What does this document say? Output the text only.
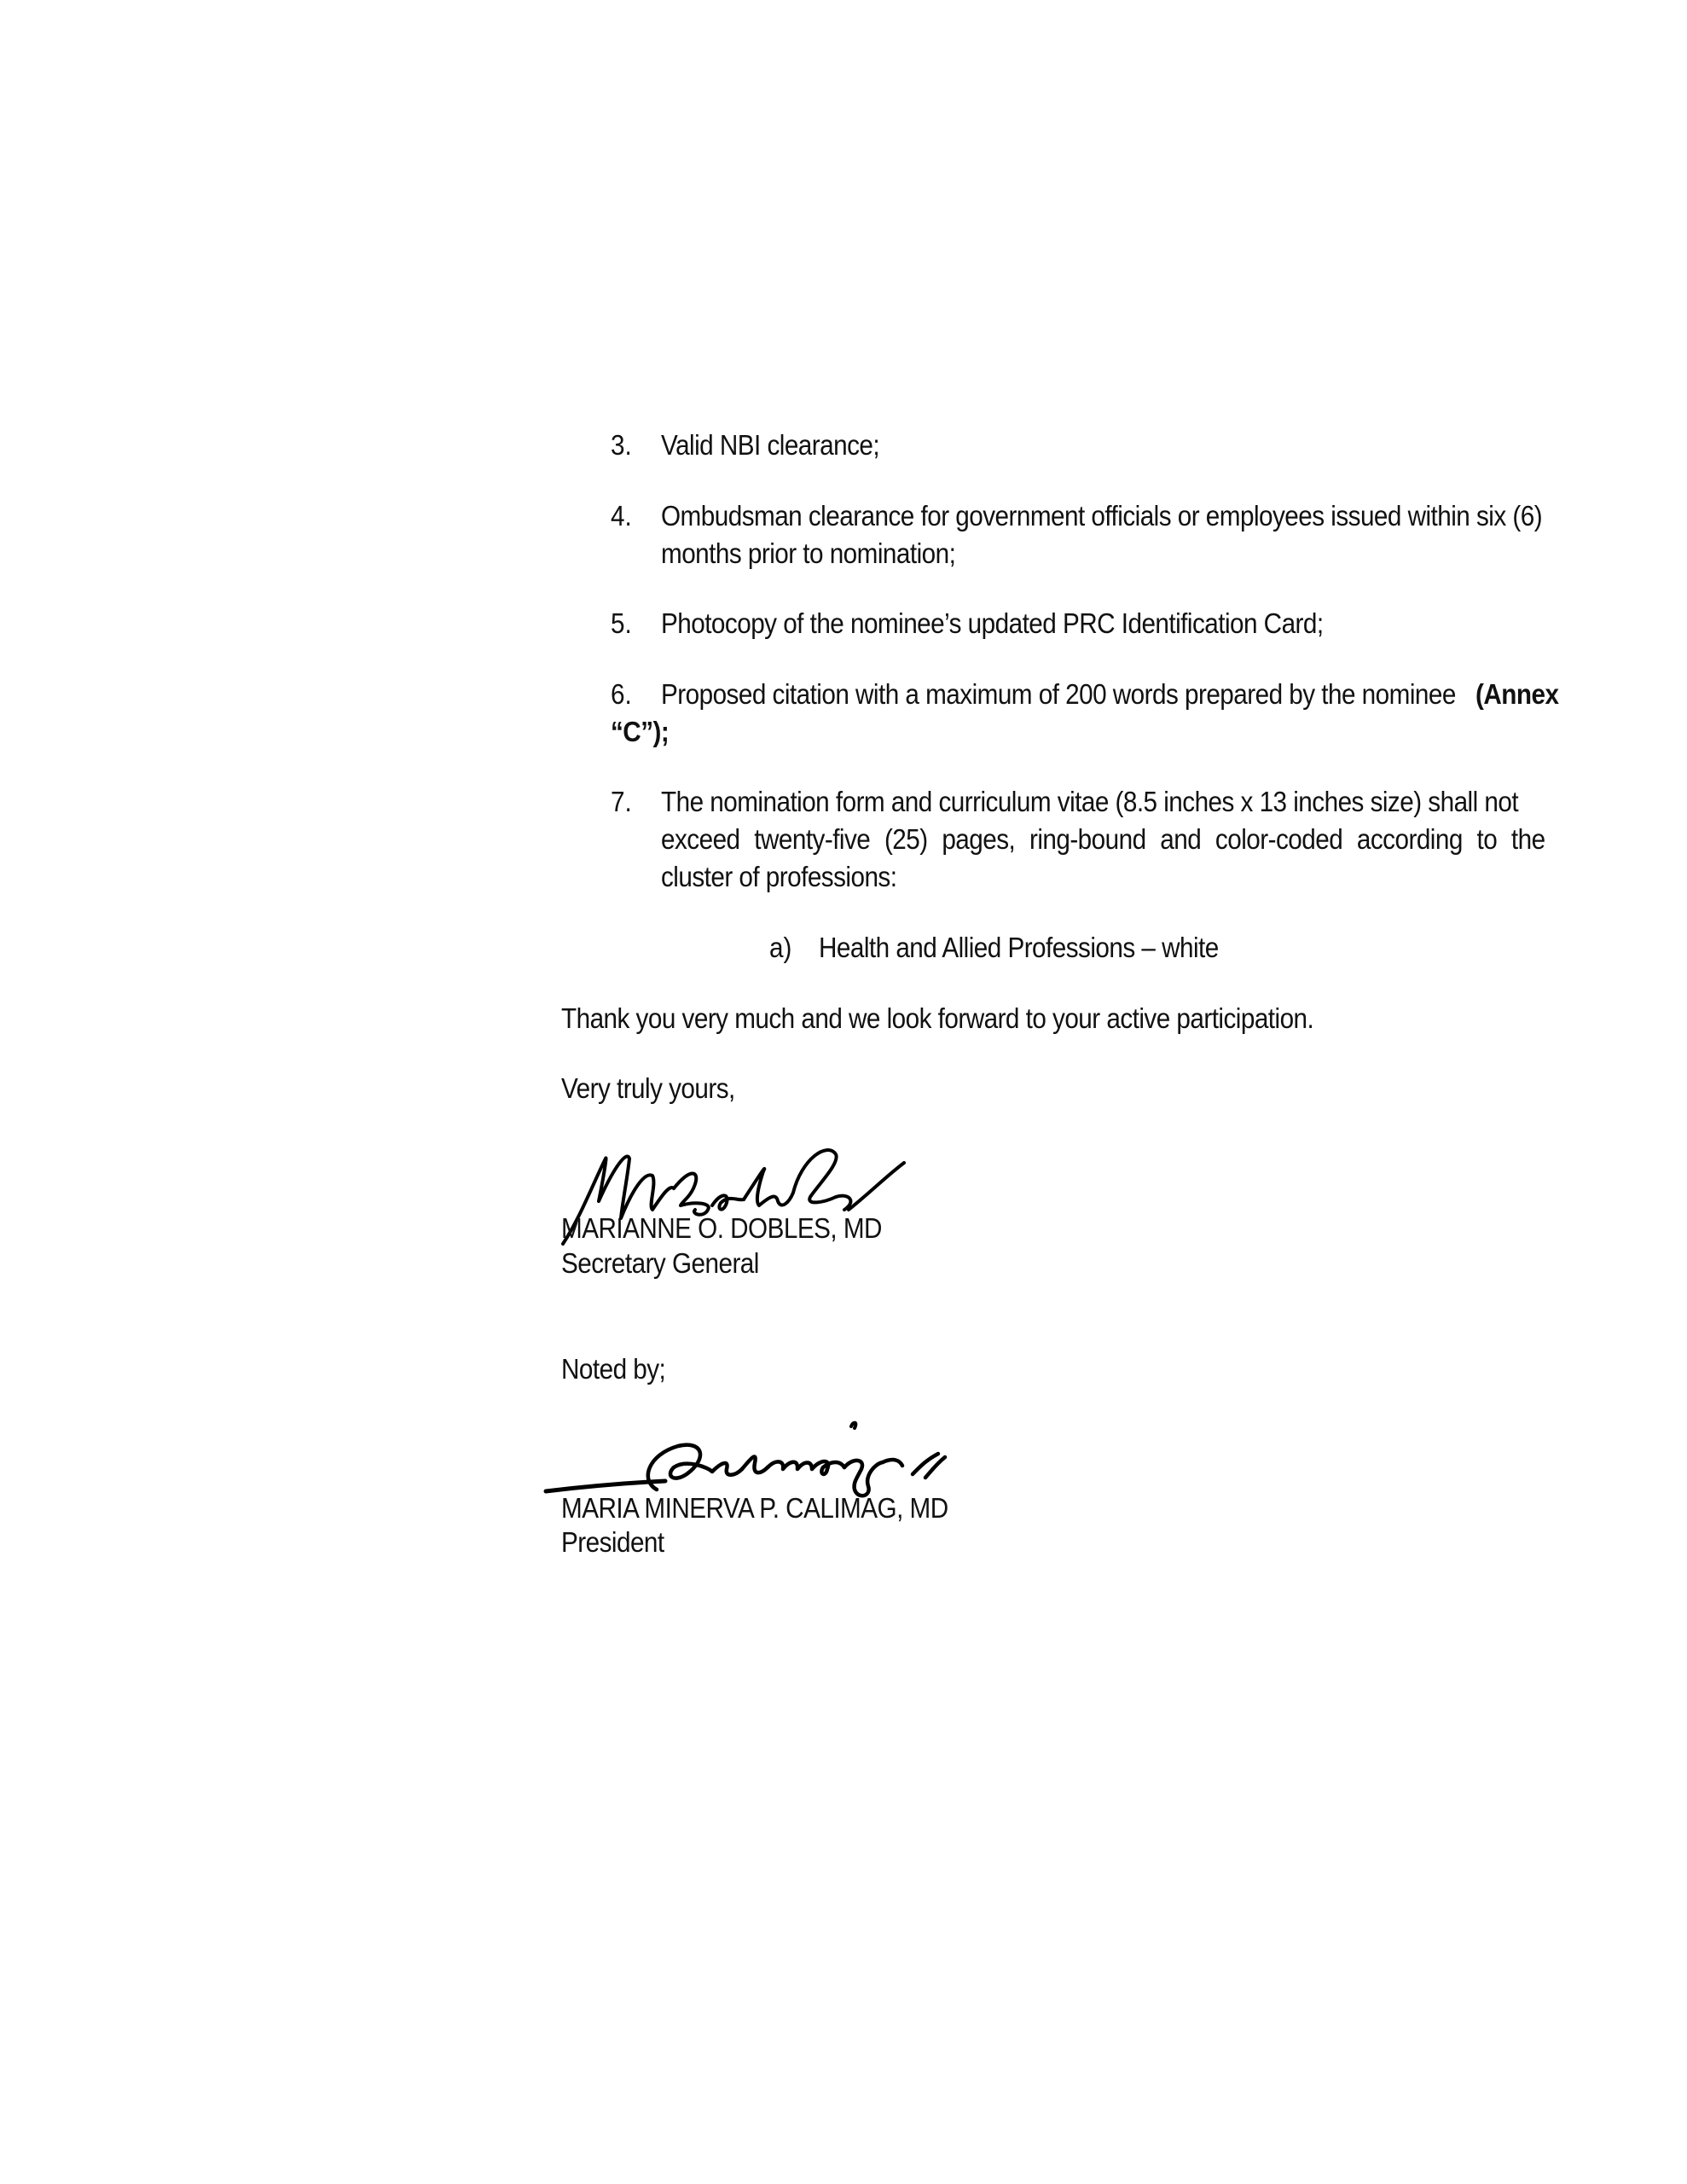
3. Valid NBI clearance;
4. Ombudsman clearance for government officials or employees issued within six (6)
months prior to nomination;
5. Photocopy of the nominee’s updated PRC Identification Card;
6. Proposed citation with a maximum of 200 words prepared by the nominee (Annex
“C”);
7. The nomination form and curriculum vitae (8.5 inches x 13 inches size) shall not
exceed twenty-five (25) pages, ring-bound and color-coded according to the
cluster of professions:
a) Health and Allied Professions – white
Thank you very much and we look forward to your active participation.
Very truly yours,
MARIANNE O. DOBLES, MD
Secretary General
Noted by;
MARIA MINERVA P. CALIMAG, MD
President
